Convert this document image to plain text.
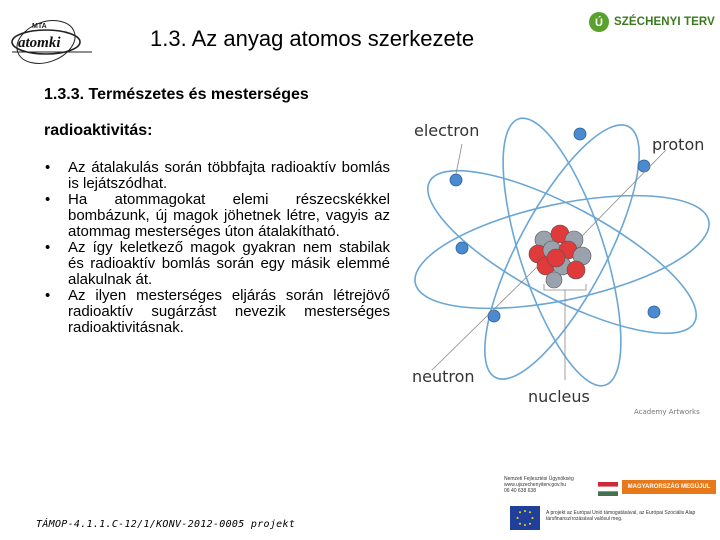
MTA
atomki	1.3. Az anyag atomos szerkezete
Ú SZÉCHENYI TERV
1.3.3. Természetes és mesterséges
radioaktivitás:
• Az átalakulás során többfajta radioaktív bomlás is lejátszódhat.
• Ha atommagokat elemi részecskékkel bombázunk, új magok jöhetnek létre, vagyis az atommag mesterséges úton átalakítható.
• Az így keletkező magok gyakran nem stabilak és radioaktív bomlás során egy másik elemmé alakulnak át.
• Az ilyen mesterséges eljárás során létrejövő radioaktív sugárzást nevezik mesterséges radioaktivitásnak.
electron
proton
neutron
nucleus
Academy Artworks
TÁMOP-4.1.1.C-12/1/KONV-2012-0005 projekt
Nemzeti Fejlesztési Ügynökség
www.ujszechenyiterv.gov.hu
06 40 638 638
MAGYARORSZÁG MEGÚJUL
A projekt az Európai Unió támogatásával, az Európai Szociális Alap társfinanszírozásával valósul meg.
